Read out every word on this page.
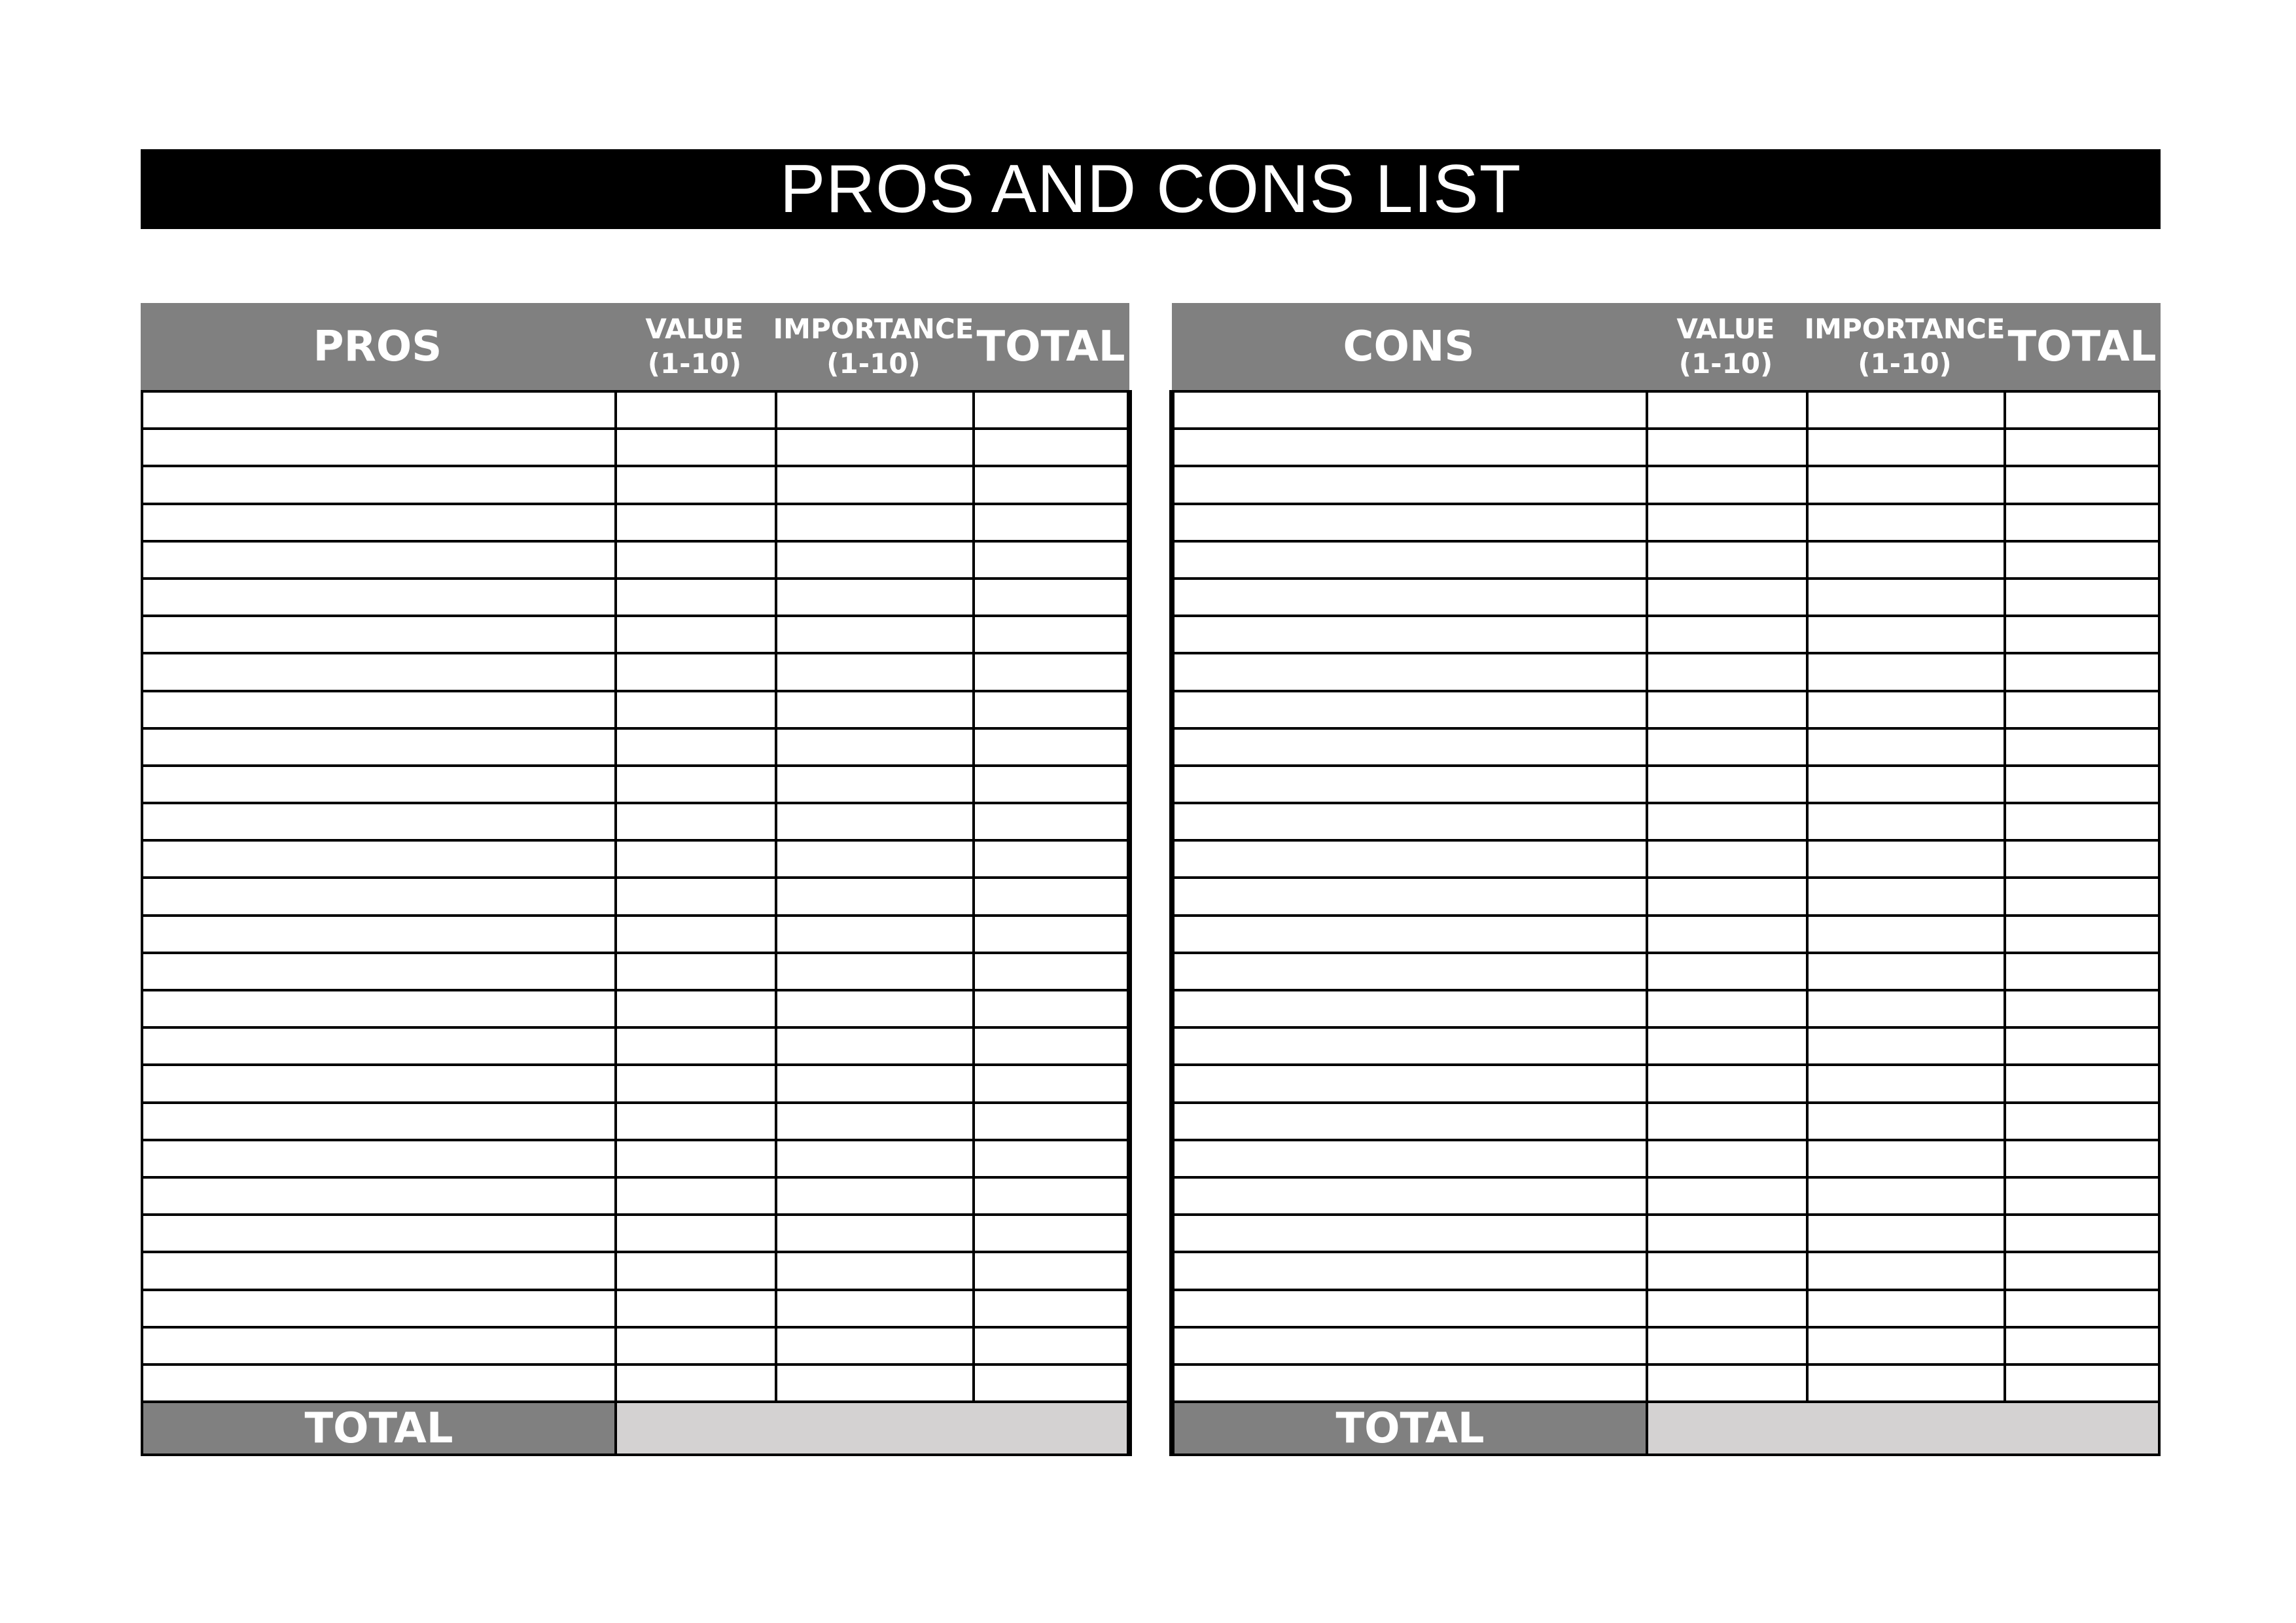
PROS AND CONS LIST
PROS	VALUE
(1-10)
IMPORTANCE
(1-10) TOTAL
TOTAL
CONS	VALUE
(1-10)
IMPORTANCE
(1-10) TOTAL
TOTAL
